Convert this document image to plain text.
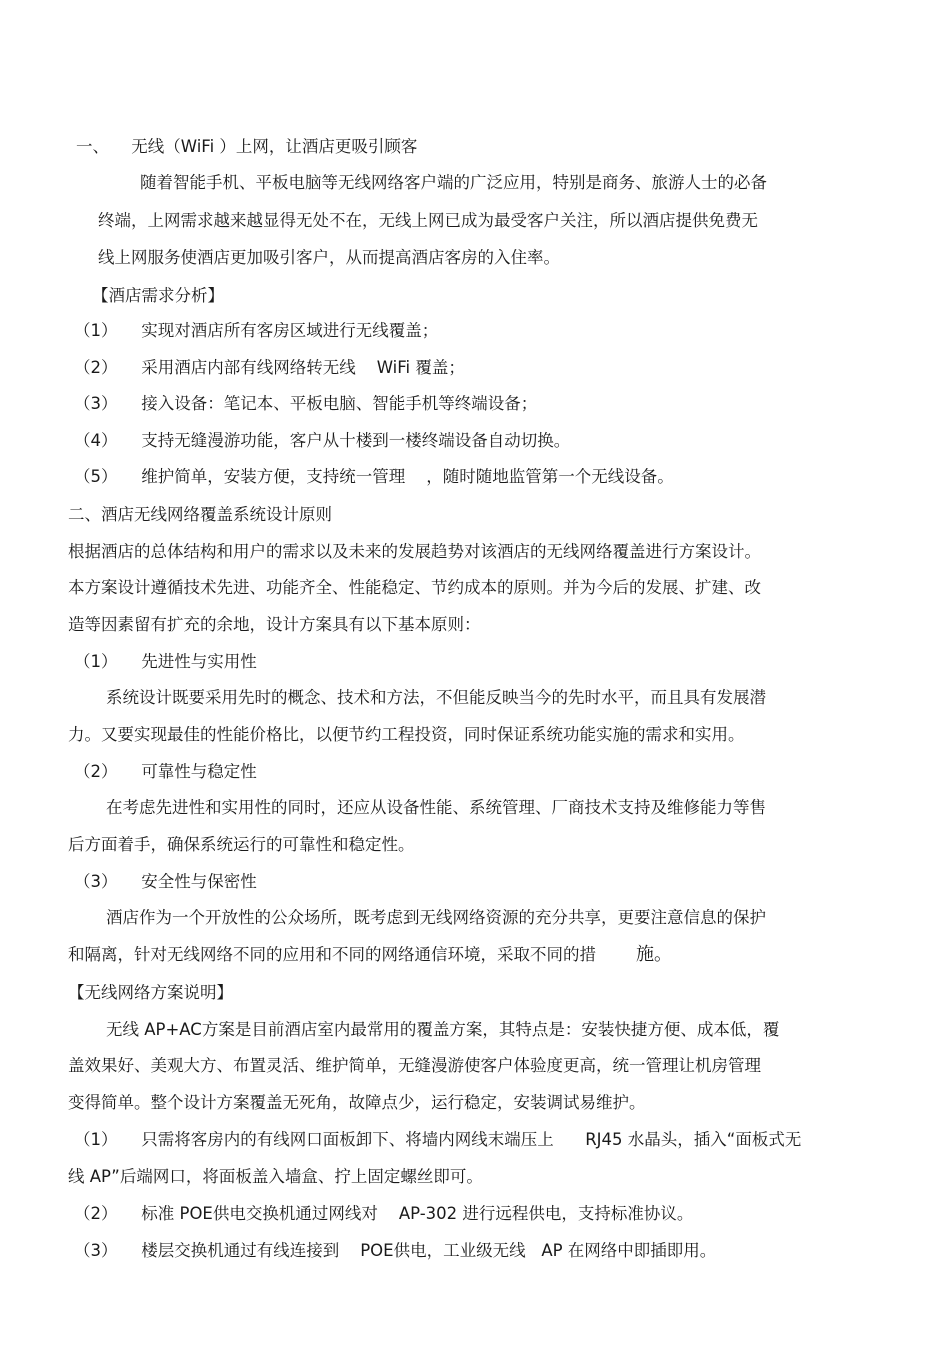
一、 无线（WiFi ）上网，让酒店更吸引顾客
随着智能手机、平板电脑等无线网络客户端的广泛应用，特别是商务、旅游人士的必备
终端，上网需求越来越显得无处不在，无线上网已成为最受客户关注，所以酒店提供免费无
线上网服务使酒店更加吸引客户，从而提高酒店客房的入住率。
【酒店需求分析】
（1） 实现对酒店所有客房区域进行无线覆盖；
（2） 采用酒店内部有线网络转无线    WiFi 覆盖；
（3） 接入设备：笔记本、平板电脑、智能手机等终端设备；
（4） 支持无缝漫游功能，客户从十楼到一楼终端设备自动切换。
（5） 维护简单，安装方便，支持统一管理    ，随时随地监管第一个无线设备。
二、酒店无线网络覆盖系统设计原则
根据酒店的总体结构和用户的需求以及未来的发展趋势对该酒店的无线网络覆盖进行方案设计。
本方案设计遵循技术先进、功能齐全、性能稳定、节约成本的原则。并为今后的发展、扩建、改
造等因素留有扩充的余地，设计方案具有以下基本原则：
（1） 先进性与实用性
系统设计既要采用先时的概念、技术和方法，不但能反映当今的先时水平，而且具有发展潜
力。又要实现最佳的性能价格比，以便节约工程投资，同时保证系统功能实施的需求和实用。
（2） 可靠性与稳定性
在考虑先进性和实用性的同时，还应从设备性能、系统管理、厂商技术支持及维修能力等售
后方面着手，确保系统运行的可靠性和稳定性。
（3） 安全性与保密性
酒店作为一个开放性的公众场所，既考虑到无线网络资源的充分共享，更要注意信息的保护
和隔离，针对无线网络不同的应用和不同的网络通信环境，采取不同的措 施。
【无线网络方案说明】
无线 AP+AC方案是目前酒店室内最常用的覆盖方案，其特点是：安装快捷方便、成本低，覆
盖效果好、美观大方、布置灵活、维护简单，无缝漫游使客户体验度更高，统一管理让机房管理
变得简单。整个设计方案覆盖无死角，故障点少，运行稳定，安装调试易维护。
（1） 只需将客房内的有线网口面板卸下、将墙内网线末端压上      RJ45 水晶头，插入“面板式无
线 AP”后端网口，将面板盖入墙盒、拧上固定螺丝即可。
（2） 标准 POE供电交换机通过网线对    AP-302 进行远程供电，支持标准协议。
（3） 楼层交换机通过有线连接到    POE供电，工业级无线   AP 在网络中即插即用。
